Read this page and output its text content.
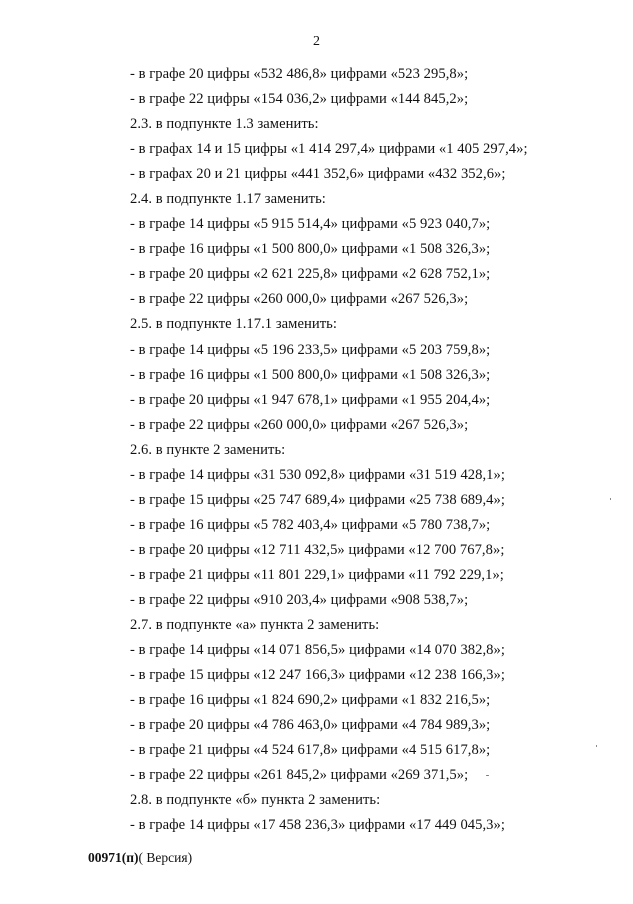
2
- в графе 20 цифры «532 486,8» цифрами «523 295,8»;
- в графе 22 цифры «154 036,2» цифрами «144 845,2»;
2.3. в подпункте 1.3 заменить:
- в графах 14 и 15 цифры «1 414 297,4» цифрами «1 405 297,4»;
- в графах 20 и 21 цифры «441 352,6» цифрами «432 352,6»;
2.4. в подпункте 1.17 заменить:
- в графе 14 цифры «5 915 514,4» цифрами «5 923 040,7»;
- в графе 16 цифры «1 500 800,0» цифрами «1 508 326,3»;
- в графе 20 цифры «2 621 225,8» цифрами «2 628 752,1»;
- в графе 22 цифры «260 000,0» цифрами «267 526,3»;
2.5. в подпункте 1.17.1 заменить:
- в графе 14 цифры «5 196 233,5» цифрами «5 203 759,8»;
- в графе 16 цифры «1 500 800,0» цифрами «1 508 326,3»;
- в графе 20 цифры «1 947 678,1» цифрами «1 955 204,4»;
- в графе 22 цифры «260 000,0» цифрами «267 526,3»;
2.6. в пункте 2 заменить:
- в графе 14 цифры «31 530 092,8» цифрами «31 519 428,1»;
- в графе 15 цифры «25 747 689,4» цифрами «25 738 689,4»;
- в графе 16 цифры «5 782 403,4» цифрами «5 780 738,7»;
- в графе 20 цифры «12 711 432,5» цифрами «12 700 767,8»;
- в графе 21 цифры «11 801 229,1» цифрами «11 792 229,1»;
- в графе 22 цифры «910 203,4» цифрами «908 538,7»;
2.7. в подпункте «а» пункта 2 заменить:
- в графе 14 цифры «14 071 856,5» цифрами «14 070 382,8»;
- в графе 15 цифры «12 247 166,3» цифрами «12 238 166,3»;
- в графе 16 цифры «1 824 690,2» цифрами «1 832 216,5»;
- в графе 20 цифры «4 786 463,0» цифрами «4 784 989,3»;
- в графе 21 цифры «4 524 617,8» цифрами «4 515 617,8»;
- в графе 22 цифры «261 845,2» цифрами «269 371,5»;
2.8. в подпункте «б» пункта 2 заменить:
- в графе 14 цифры «17 458 236,3» цифрами «17 449 045,3»;
00971(п)( Версия)
